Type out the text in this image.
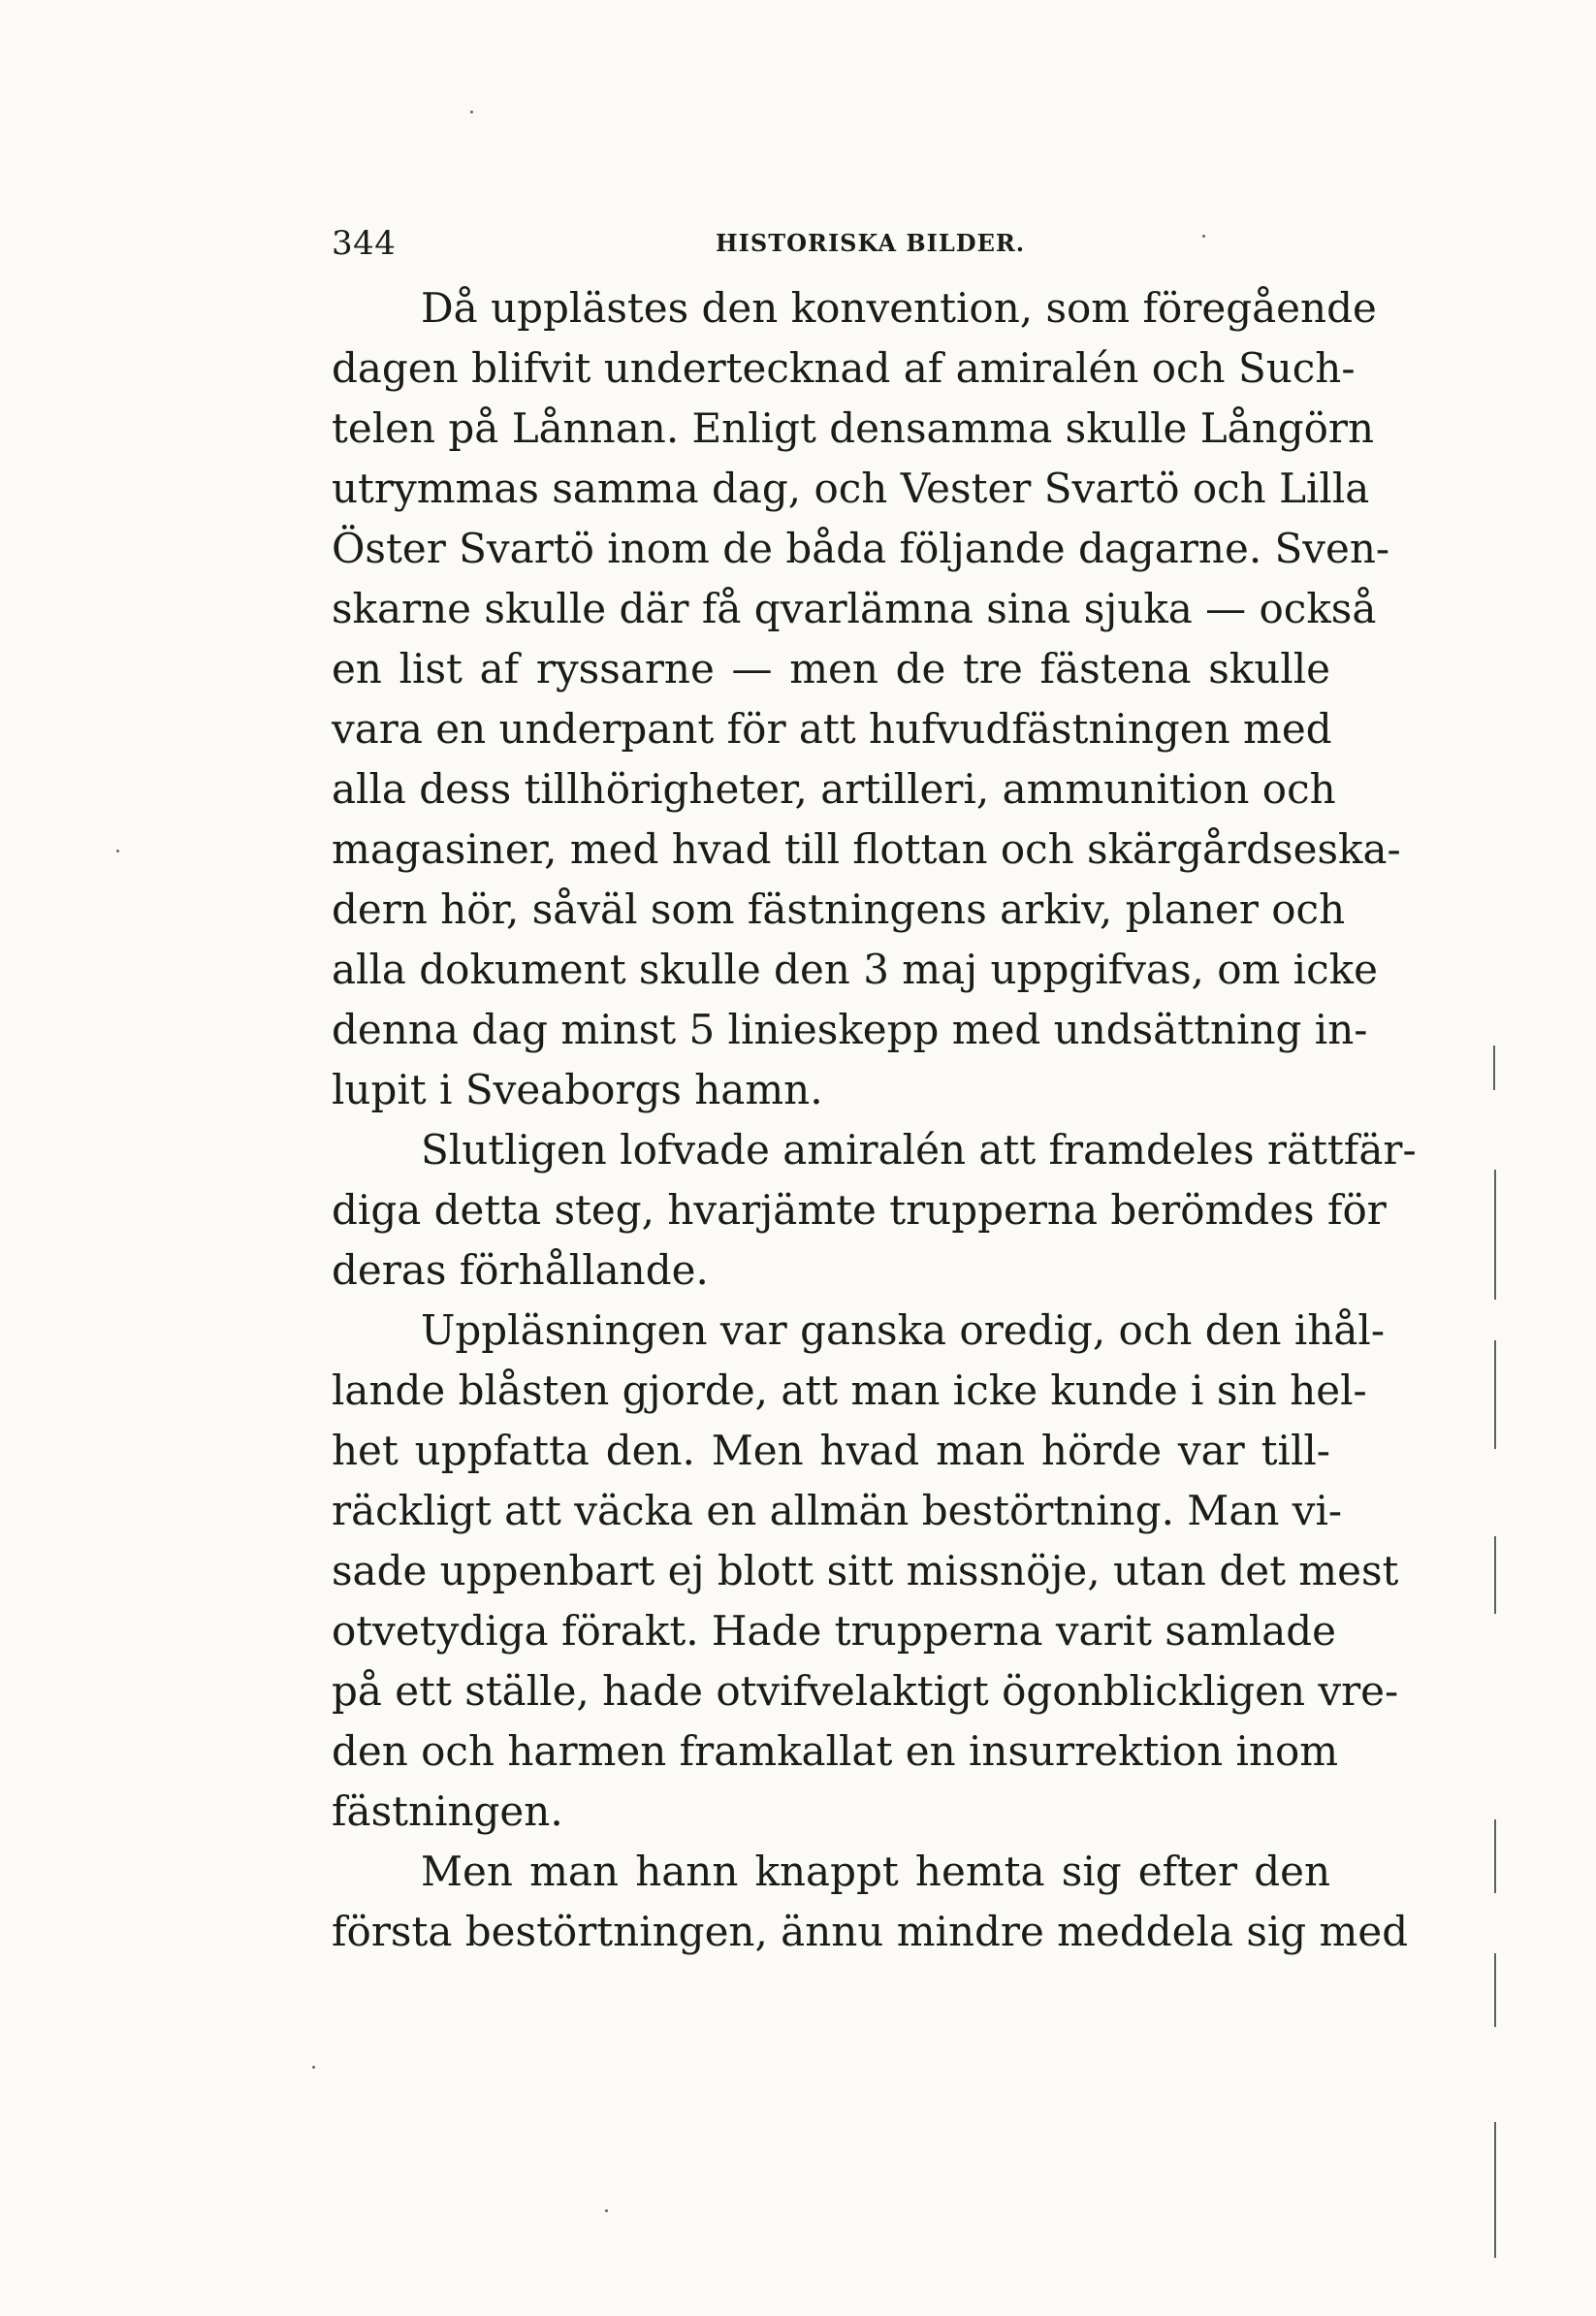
344	HISTORISKA BILDER.

Då upplästes den konvention, som föregående
dagen blifvit undertecknad af amiralén och Such-
telen på Lånnan. Enligt densamma skulle Långörn
utrymmas samma dag, och Vester Svartö och Lilla
Öster Svartö inom de båda följande dagarne. Sven-
skarne skulle där få qvarlämna sina sjuka — också
en list af ryssarne — men de tre fästena skulle
vara en underpant för att hufvudfästningen med
alla dess tillhörigheter, artilleri, ammunition och
magasiner, med hvad till flottan och skärgårdseska-
dern hör, såväl som fästningens arkiv, planer och
alla dokument skulle den 3 maj uppgifvas, om icke
denna dag minst 5 linieskepp med undsättning in-
lupit i Sveaborgs hamn.

Slutligen lofvade amiralén att framdeles rättfär-
diga detta steg, hvarjämte trupperna berömdes för
deras förhållande.

Uppläsningen var ganska oredig, och den ihål-
lande blåsten gjorde, att man icke kunde i sin hel-
het uppfatta den. Men hvad man hörde var till-
räckligt att väcka en allmän bestörtning. Man vi-
sade uppenbart ej blott sitt missnöje, utan det mest
otvetydiga förakt. Hade trupperna varit samlade
på ett ställe, hade otvifvelaktigt ögonblickligen vre-
den och harmen framkallat en insurrektion inom
fästningen.

Men man hann knappt hemta sig efter den
första bestörtningen, ännu mindre meddela sig med
